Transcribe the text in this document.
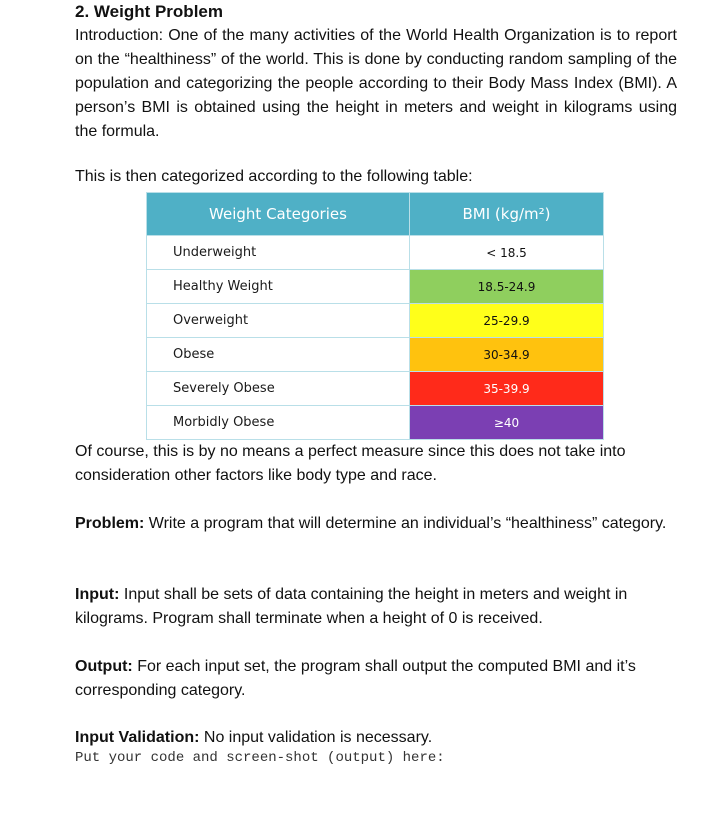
2. Weight Problem
Introduction: One of the many activities of the World Health Organization is to report on the “healthiness” of the world. This is done by conducting random sampling of the population and categorizing the people according to their Body Mass Index (BMI). A person’s BMI is obtained using the height in meters and weight in kilograms using the formula.
This is then categorized according to the following table:
Weight Categories	BMI (kg/m²)
Underweight	< 18.5
Healthy Weight	18.5-24.9
Overweight	25-29.9
Obese	30-34.9
Severely Obese	35-39.9
Morbidly Obese	≥40
Of course, this is by no means a perfect measure since this does not take into consideration other factors like body type and race.
Problem: Write a program that will determine an individual’s “healthiness” category.
Input: Input shall be sets of data containing the height in meters and weight in kilograms. Program shall terminate when a height of 0 is received.
Output: For each input set, the program shall output the computed BMI and it’s corresponding category.
Input Validation: No input validation is necessary.
Put your code and screen-shot (output) here:
